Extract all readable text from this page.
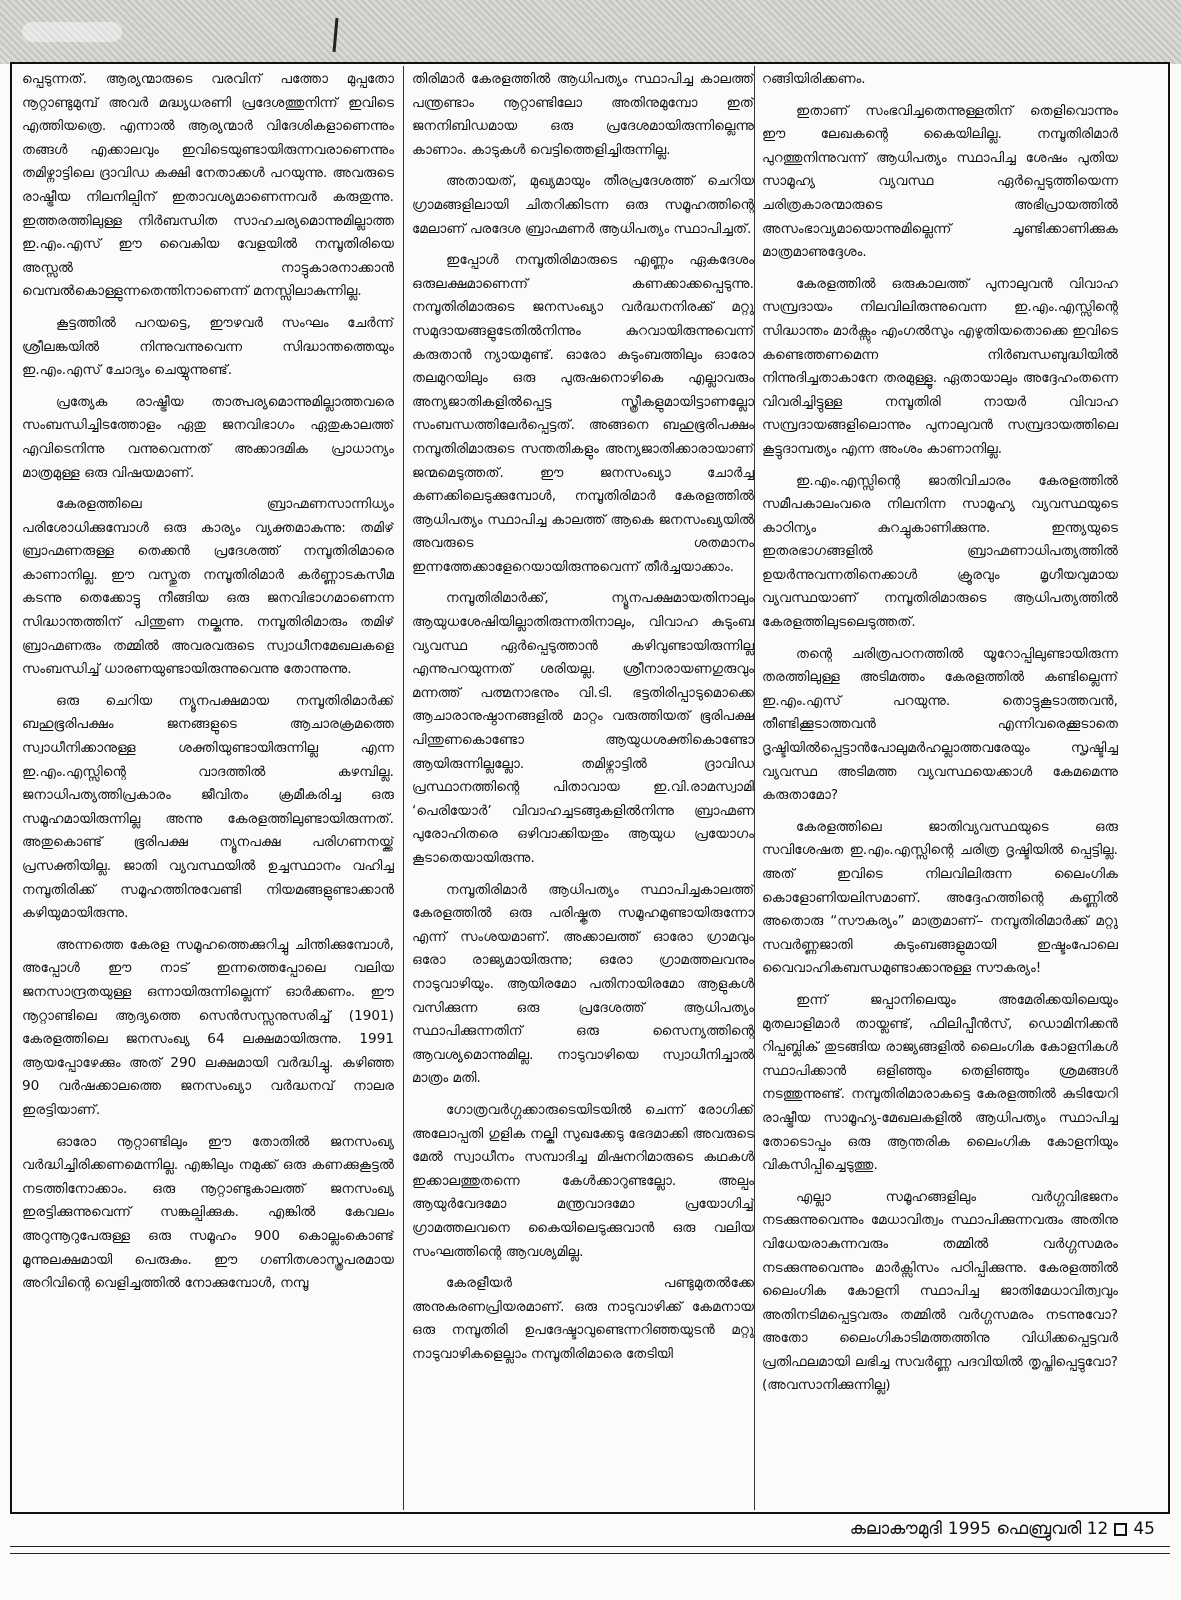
പ്പെടുന്നത്. ആര്യന്മാരുടെ വരവിന് പത്തോ മുപ്പതോ നൂറ്റാണ്ടുമുമ്പ് അവർ മദ്ധ്യധരണി പ്രദേശത്തുനിന്ന് ഇവിടെ എത്തിയത്രെ. എന്നാൽ ആര്യന്മാർ വിദേശികളാണെന്നും തങ്ങൾ എക്കാലവും ഇവിടെയുണ്ടായിരുന്നവരാണെന്നും തമിഴ്നാട്ടിലെ ദ്രാവിഡ കക്ഷി നേതാക്കൾ പറയുന്നു. അവരുടെ രാഷ്ട്രീയ നിലനില്പിന് ഇതാവശ്യമാണെന്നവർ കരുതുന്നു. ഇത്തരത്തിലുള്ള നിർബന്ധിത സാഹചര്യമൊന്നുമില്ലാത്ത ഇ.എം.എസ് ഈ വൈകിയ വേളയിൽ നമ്പൂതിരിയെ അസ്സൽ നാട്ടുകാരനാക്കാൻ വെമ്പൽകൊള്ളുന്നതെന്തിനാണെന്ന് മനസ്സിലാകുന്നില്ല.

കൂട്ടത്തിൽ പറയട്ടെ, ഈഴവർ സംഘം ചേർന്ന് ശ്രീലങ്കയിൽ നിന്നുവന്നുവെന്ന സിദ്ധാന്തത്തെയും ഇ.എം.എസ് ചോദ്യം ചെയ്യുന്നുണ്ട്.

പ്രത്യേക രാഷ്ട്രീയ താത്പര്യമൊന്നുമില്ലാത്തവരെ സംബന്ധിച്ചിടത്തോളം ഏതു ജനവിഭാഗം ഏതുകാലത്ത് എവിടെനിന്നു വന്നുവെന്നത് അക്കാദമിക പ്രാധാന്യം മാത്രമുള്ള ഒരു വിഷയമാണ്.

കേരളത്തിലെ ബ്രാഹ്മണസാന്നിധ്യം പരിശോധിക്കുമ്പോൾ ഒരു കാര്യം വ്യക്തമാകുന്നു: തമിഴ് ബ്രാഹ്മണരുള്ള തെക്കൻ പ്രദേശത്ത് നമ്പൂതിരിമാരെ കാണാനില്ല. ഈ വസ്തുത നമ്പൂതിരിമാർ കർണ്ണാടകസീമ കടന്നു തെക്കോട്ടു നീങ്ങിയ ഒരു ജനവിഭാഗമാണെന്ന സിദ്ധാന്തത്തിന് പിന്തുണ നല്കുന്നു. നമ്പൂതിരിമാരും തമിഴ് ബ്രാഹ്മണരും തമ്മിൽ അവരവരുടെ സ്വാധീനമേഖലകളെ സംബന്ധിച്ച് ധാരണയുണ്ടായിരുന്നുവെന്നു തോന്നുന്നു.

ഒരു ചെറിയ ന്യൂനപക്ഷമായ നമ്പൂതിരിമാർക്ക് ബഹുഭൂരിപക്ഷം ജനങ്ങളുടെ ആചാരക്രമത്തെ സ്വാധീനിക്കാനുള്ള ശക്തിയുണ്ടായിരുന്നില്ല എന്ന ഇ.എം.എസ്സിന്റെ വാദത്തിൽ കഴമ്പില്ല. ജനാധിപത്യത്തിപ്രകാരം ജീവിതം ക്രമീകരിച്ച ഒരു സമൂഹമായിരുന്നില്ല അന്നു കേരളത്തിലുണ്ടായിരുന്നത്. അതുകൊണ്ട് ഭൂരിപക്ഷ ന്യൂനപക്ഷ പരിഗണനയ്ക്ക് പ്രസക്തിയില്ല. ജാതി വ്യവസ്ഥയിൽ ഉച്ചസ്ഥാനം വഹിച്ച നമ്പൂതിരിക്ക് സമൂഹത്തിനുവേണ്ടി നിയമങ്ങളുണ്ടാക്കാൻ കഴിയുമായിരുന്നു.

അന്നത്തെ കേരള സമൂഹത്തെക്കുറിച്ചു ചിന്തിക്കുമ്പോൾ, അപ്പോൾ ഈ നാട് ഇന്നത്തെപ്പോലെ വലിയ ജനസാന്ദ്രതയുള്ള ഒന്നായിരുന്നില്ലെന്ന് ഓർക്കണം. ഈ നൂറ്റാണ്ടിലെ ആദ്യത്തെ സെൻസസ്സനുസരിച്ച് (1901) കേരളത്തിലെ ജനസംഖ്യ 64 ലക്ഷമായിരുന്നു. 1991 ആയപ്പോഴേക്കും അത് 290 ലക്ഷമായി വർദ്ധിച്ചു. കഴിഞ്ഞ 90 വർഷക്കാലത്തെ ജനസംഖ്യാ വർദ്ധനവ് നാലര ഇരട്ടിയാണ്.

ഓരോ നൂറ്റാണ്ടിലും ഈ തോതിൽ ജനസംഖ്യ വർദ്ധിച്ചിരിക്കണമെന്നില്ല. എങ്കിലും നമുക്ക് ഒരു കണക്കുകൂട്ടൽ നടത്തിനോക്കാം. ഒരു നൂറ്റാണ്ടുകാലത്ത് ജനസംഖ്യ ഇരട്ടിക്കുന്നുവെന്ന് സങ്കല്പിക്കുക. എങ്കിൽ കേവലം അറുന്നൂറുപേരുള്ള ഒരു സമൂഹം 900 കൊല്ലംകൊണ്ട് മൂന്നുലക്ഷമായി പെരുകും. ഈ ഗണിതശാസ്ത്രപരമായ അറിവിന്റെ വെളിച്ചത്തിൽ നോക്കുമ്പോൾ, നമ്പൂ

തിരിമാർ കേരളത്തിൽ ആധിപത്യം സ്ഥാപിച്ച കാലത്ത് പന്ത്രണ്ടാം നൂറ്റാണ്ടിലോ അതിനുമുമ്പോ ഇത് ജനനിബിഡമായ ഒരു പ്രദേശമായിരുന്നില്ലെന്നു കാണാം. കാടുകൾ വെട്ടിത്തെളിച്ചിരുന്നില്ല.

അതായത്, മുഖ്യമായും തീരപ്രദേശത്ത് ചെറിയ ഗ്രാമങ്ങളിലായി ചിതറിക്കിടന്ന ഒരു സമൂഹത്തിന്റെ മേലാണ് പരദേശ ബ്രാഹ്മണർ ആധിപത്യം സ്ഥാപിച്ചത്.

ഇപ്പോൾ നമ്പൂതിരിമാരുടെ എണ്ണം ഏകദേശം ഒരുലക്ഷമാണെന്ന് കണക്കാക്കപ്പെടുന്നു. നമ്പൂതിരിമാരുടെ ജനസംഖ്യാ വർദ്ധനനിരക്ക് മറ്റു സമുദായങ്ങളുടേതിൽനിന്നും കുറവായിരുന്നുവെന്ന് കരുതാൻ ന്യായമുണ്ട്. ഓരോ കുടുംബത്തിലും ഓരോ തലമുറയിലും ഒരു പുരുഷനൊഴികെ എല്ലാവരും അന്യജാതികളിൽപ്പെട്ട സ്ത്രീകളുമായിട്ടാണല്ലോ സംബന്ധത്തിലേർപ്പെട്ടത്. അങ്ങനെ ബഹുഭൂരിപക്ഷം നമ്പൂതിരിമാരുടെ സന്തതികളും അന്യജാതിക്കാരായാണ് ജന്മമെടുത്തത്. ഈ ജനസംഖ്യാ ചോർച്ച കണക്കിലെടുക്കുമ്പോൾ, നമ്പൂതിരിമാർ കേരളത്തിൽ ആധിപത്യം സ്ഥാപിച്ച കാലത്ത് ആകെ ജനസംഖ്യയിൽ അവരുടെ ശതമാനം ഇന്നത്തേക്കാളേറെയായിരുന്നുവെന്ന് തീർച്ചയാക്കാം.

നമ്പൂതിരിമാർക്ക്, ന്യൂനപക്ഷമായതിനാലും ആയുധശേഷിയില്ലാതിരുന്നതിനാലും, വിവാഹ കുടുംബ വ്യവസ്ഥ ഏർപ്പെടുത്താൻ കഴിവുണ്ടായിരുന്നില്ല എന്നുപറയുന്നത് ശരിയല്ല. ശ്രീനാരായണഗുരുവും മന്നത്ത് പത്മനാഭനും വി.ടി. ഭട്ടതിരിപ്പാടുമൊക്കെ ആചാരാനുഷ്ഠാനങ്ങളിൽ മാറ്റം വരുത്തിയത് ഭൂരിപക്ഷ പിന്തുണകൊണ്ടോ ആയുധശക്തികൊണ്ടോ ആയിരുന്നില്ലല്ലോ. തമിഴ്നാട്ടിൽ ദ്രാവിഡ പ്രസ്ഥാനത്തിന്റെ പിതാവായ ഇ.വി.രാമസ്വാമി ‘പെരിയോർ’ വിവാഹച്ചടങ്ങുകളിൽനിന്നു ബ്രാഹ്മണ പുരോഹിതരെ ഒഴിവാക്കിയതും ആയുധ പ്രയോഗം കൂടാതെയായിരുന്നു.

നമ്പൂതിരിമാർ ആധിപത്യം സ്ഥാപിച്ചകാലത്ത് കേരളത്തിൽ ഒരു പരിഷ്കൃത സമൂഹമുണ്ടായിരുന്നോ എന്ന് സംശയമാണ്. അക്കാലത്ത് ഓരോ ഗ്രാമവും ഒരോ രാജ്യമായിരുന്നു; ഒരോ ഗ്രാമത്തലവനും നാടുവാഴിയും. ആയിരമോ പതിനായിരമോ ആളുകൾ വസിക്കുന്ന ഒരു പ്രദേശത്ത് ആധിപത്യം സ്ഥാപിക്കുന്നതിന് ഒരു സൈന്യത്തിന്റെ ആവശ്യമൊന്നുമില്ല. നാടുവാഴിയെ സ്വാധീനിച്ചാൽ മാത്രം മതി.

ഗോത്രവർഗ്ഗക്കാരുടെയിടയിൽ ചെന്ന് രോഗിക്ക് അലോപ്പതി ഗുളിക നല്കി സുഖക്കേടു ഭേദമാക്കി അവരുടെ മേൽ സ്വാധീനം സമ്പാദിച്ച മിഷനറിമാരുടെ കഥകൾ ഇക്കാലത്തുതന്നെ കേൾക്കാറുണ്ടല്ലോ. അല്പം ആയുർവേദമോ മന്ത്രവാദമോ പ്രയോഗിച്ച് ഗ്രാമത്തലവനെ കൈയിലെടുക്കുവാൻ ഒരു വലിയ സംഘത്തിന്റെ ആവശ്യമില്ല.

കേരളീയർ പണ്ടുമുതൽക്കേ അനുകരണപ്രിയരമാണ്. ഒരു നാടുവാഴിക്ക് കേമനായ ഒരു നമ്പൂതിരി ഉപദേഷ്ടാവുണ്ടെന്നറിഞ്ഞയുടൻ മറ്റു നാടുവാഴികളെല്ലാം നമ്പൂതിരിമാരെ തേടിയി

റങ്ങിയിരിക്കണം.

ഇതാണ് സംഭവിച്ചതെന്നുള്ളതിന് തെളിവൊന്നും ഈ ലേഖകന്റെ കൈയിലില്ല. നമ്പൂതിരിമാർ പുറത്തുനിന്നുവന്ന് ആധിപത്യം സ്ഥാപിച്ച ശേഷം പുതിയ സാമൂഹ്യ വ്യവസ്ഥ ഏർപ്പെടുത്തിയെന്ന ചരിത്രകാരന്മാരുടെ അഭിപ്രായത്തിൽ അസംഭാവ്യമായൊന്നുമില്ലെന്ന് ചൂണ്ടിക്കാണിക്കുക മാത്രമാണുദ്ദേശം.

കേരളത്തിൽ ഒരുകാലത്ത് പുനാലുവൻ വിവാഹ സമ്പ്രദായം നിലവിലിരുന്നുവെന്ന ഇ.എം.എസ്സിന്റെ സിദ്ധാന്തം മാർക്സും എംഗൽസും എഴുതിയതൊക്കെ ഇവിടെ കണ്ടെത്തണമെന്ന നിർബന്ധബുദ്ധിയിൽ നിന്നുദിച്ചതാകാനേ തരമുള്ളൂ. ഏതായാലും അദ്ദേഹംതന്നെ വിവരിച്ചിട്ടുള്ള നമ്പൂതിരി നായർ വിവാഹ സമ്പ്രദായങ്ങളിലൊന്നും പുനാലുവൻ സമ്പ്രദായത്തിലെ കൂട്ടുദാമ്പത്യം എന്ന അംശം കാണാനില്ല.

ഇ.എം.എസ്സിന്റെ ജാതിവിചാരം കേരളത്തിൽ സമീപകാലംവരെ നിലനിന്ന സാമൂഹ്യ വ്യവസ്ഥയുടെ കാഠിന്യം കുറച്ചുകാണിക്കുന്നു. ഇന്ത്യയുടെ ഇതരഭാഗങ്ങളിൽ ബ്രാഹ്മണാധിപത്യത്തിൽ ഉയർന്നുവന്നതിനെക്കാൾ ക്രൂരവും മൃഗീയവുമായ വ്യവസ്ഥയാണ് നമ്പൂതിരിമാരുടെ ആധിപത്യത്തിൽ കേരളത്തിലുടലെടുത്തത്.

തന്റെ ചരിത്രപഠനത്തിൽ യൂറോപ്പിലുണ്ടായിരുന്ന തരത്തിലുള്ള അടിമത്തം കേരളത്തിൽ കണ്ടില്ലെന്ന് ഇ.എം.എസ് പറയുന്നു. തൊട്ടുകൂടാത്തവൻ, തീണ്ടിക്കൂടാത്തവൻ എന്നിവരെക്കൂടാതെ ദൃഷ്ടിയിൽപ്പെട്ടാൻപോലുമർഹല്ലാത്തവരേയും സൃഷ്ടിച്ച വ്യവസ്ഥ അടിമത്ത വ്യവസ്ഥയെക്കാൾ കേമമെന്നു കരുതാമോ?

കേരളത്തിലെ ജാതിവ്യവസ്ഥയുടെ ഒരു സവിശേഷത ഇ.എം.എസ്സിന്റെ ചരിത്ര ദൃഷ്ടിയിൽ പ്പെട്ടില്ല. അത് ഇവിടെ നിലവിലിരുന്ന ലൈംഗിക കൊളോണിയലിസമാണ്. അദ്ദേഹത്തിന്റെ കണ്ണിൽ അതൊരു “സൗകര്യം” മാത്രമാണ്– നമ്പൂതിരിമാർക്ക് മറ്റു സവർണ്ണജാതി കുടുംബങ്ങളുമായി ഇഷ്ടംപോലെ വൈവാഹികബന്ധമുണ്ടാക്കാനുള്ള സൗകര്യം!

ഇന്ന് ജപ്പാനിലെയും അമേരിക്കയിലെയും മുതലാളിമാർ തായ്ലണ്ട്, ഫിലിപ്പീൻസ്, ഡൊമിനിക്കൻ റിപ്പബ്ലിക് തുടങ്ങിയ രാജ്യങ്ങളിൽ ലൈംഗിക കോളനികൾ സ്ഥാപിക്കാൻ ഒളിഞ്ഞും തെളിഞ്ഞും ശ്രമങ്ങൾ നടത്തുന്നുണ്ട്. നമ്പൂതിരിമാരാകട്ടെ കേരളത്തിൽ കുടിയേറി രാഷ്ട്രീയ സാമൂഹ്യ-മേഖലകളിൽ ആധിപത്യം സ്ഥാപിച്ച തോടൊപ്പം ഒരു ആന്തരിക ലൈംഗിക കോളനിയും വികസിപ്പിച്ചെടുത്തു.

എല്ലാ സമൂഹങ്ങളിലും വർഗ്ഗവിഭജനം നടക്കുന്നുവെന്നും മേധാവിത്വം സ്ഥാപിക്കുന്നവരും അതിനു വിധേയരാകുന്നവരും തമ്മിൽ വർഗ്ഗസമരം നടക്കുന്നുവെന്നും മാർക്സിസം പഠിപ്പിക്കുന്നു. കേരളത്തിൽ ലൈംഗിക കോളനി സ്ഥാപിച്ച ജാതിമേധാവിത്വവും അതിനടിമപ്പെട്ടവരും തമ്മിൽ വർഗ്ഗസമരം നടന്നുവോ? അതോ ലൈംഗികാടിമത്തത്തിനു വിധിക്കപ്പെട്ടവർ പ്രതിഫലമായി ലഭിച്ച സവർണ്ണ പദവിയിൽ തൃപ്തിപ്പെട്ടുവോ?(അവസാനിക്കുന്നില്ല)

കലാകൗമുദി 1995 ഫെബ്രുവരി 12 45
